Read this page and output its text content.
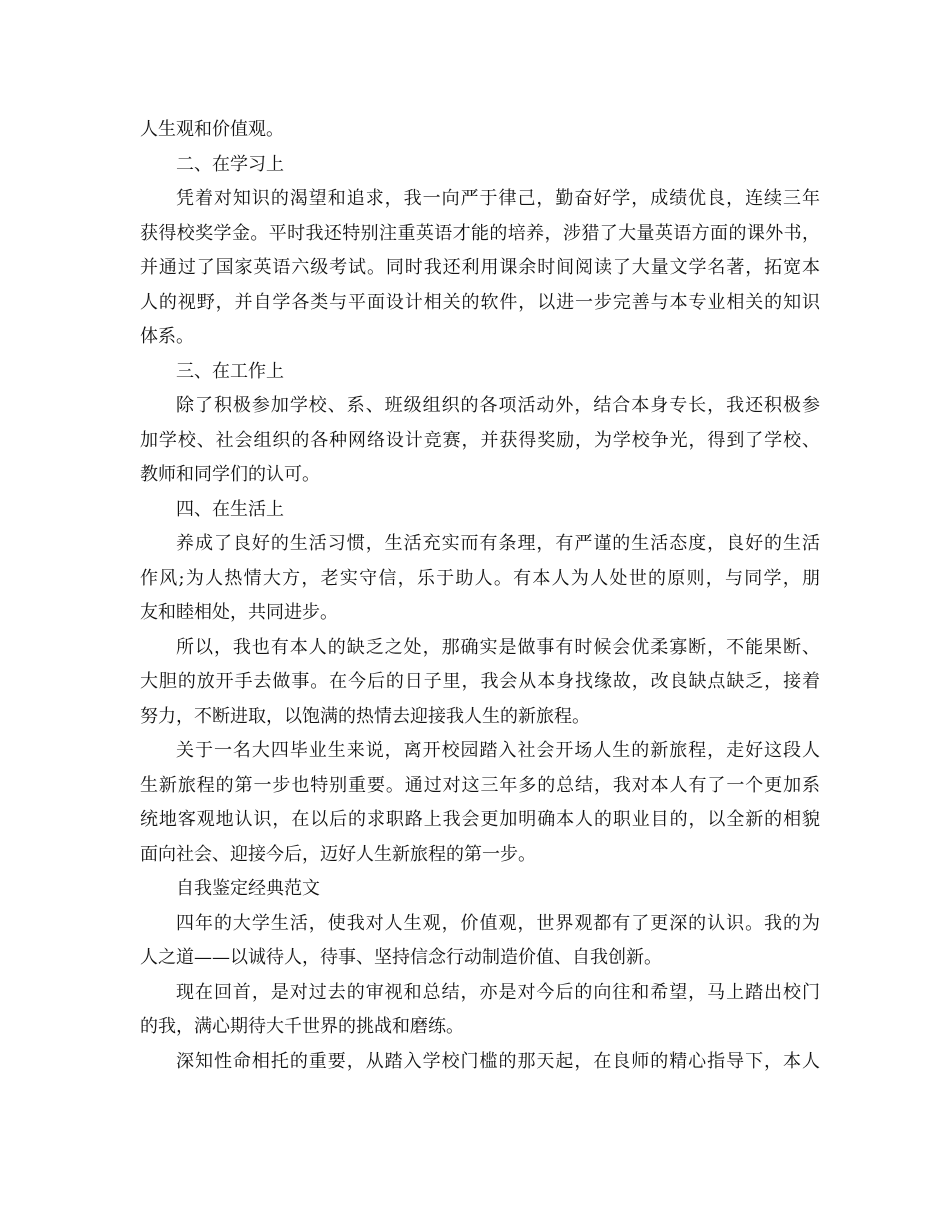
人生观和价值观。
二、在学习上
凭着对知识的渴望和追求，我一向严于律己，勤奋好学，成绩优良，连续三年
获得校奖学金。平时我还特别注重英语才能的培养，涉猎了大量英语方面的课外书，
并通过了国家英语六级考试。同时我还利用课余时间阅读了大量文学名著，拓宽本
人的视野，并自学各类与平面设计相关的软件，以进一步完善与本专业相关的知识
体系。
三、在工作上
除了积极参加学校、系、班级组织的各项活动外，结合本身专长，我还积极参
加学校、社会组织的各种网络设计竞赛，并获得奖励，为学校争光，得到了学校、
教师和同学们的认可。
四、在生活上
养成了良好的生活习惯，生活充实而有条理，有严谨的生活态度，良好的生活
作风;为人热情大方，老实守信，乐于助人。有本人为人处世的原则，与同学，朋
友和睦相处，共同进步。
所以，我也有本人的缺乏之处，那确实是做事有时候会优柔寡断，不能果断、
大胆的放开手去做事。在今后的日子里，我会从本身找缘故，改良缺点缺乏，接着
努力，不断进取，以饱满的热情去迎接我人生的新旅程。
关于一名大四毕业生来说，离开校园踏入社会开场人生的新旅程，走好这段人
生新旅程的第一步也特别重要。通过对这三年多的总结，我对本人有了一个更加系
统地客观地认识，在以后的求职路上我会更加明确本人的职业目的，以全新的相貌
面向社会、迎接今后，迈好人生新旅程的第一步。
自我鉴定经典范文
四年的大学生活，使我对人生观，价值观，世界观都有了更深的认识。我的为
人之道——以诚待人，待事、坚持信念行动制造价值、自我创新。
现在回首，是对过去的审视和总结，亦是对今后的向往和希望，马上踏出校门
的我，满心期待大千世界的挑战和磨练。
深知性命相托的重要，从踏入学校门槛的那天起，在良师的精心指导下，本人
